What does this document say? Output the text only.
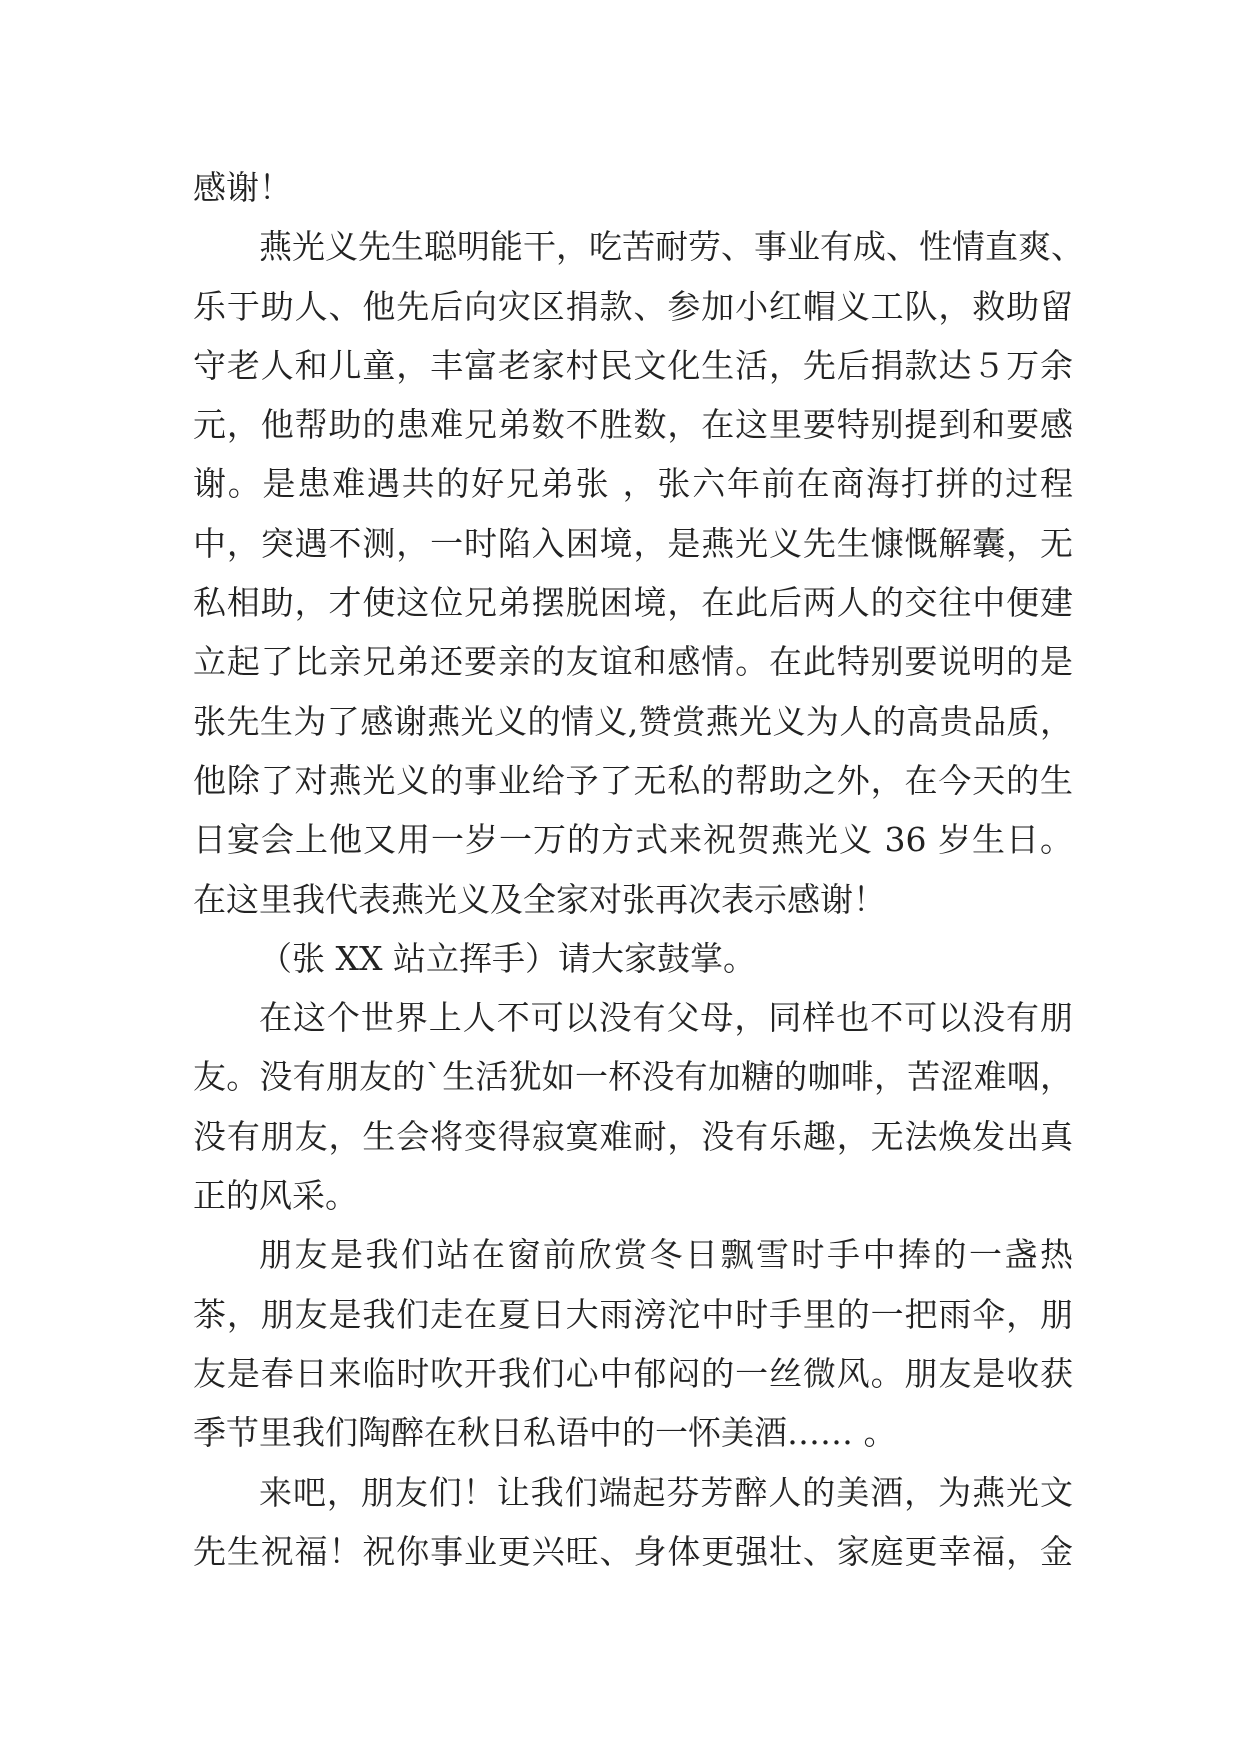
感谢！
燕光义先生聪明能干，吃苦耐劳、事业有成、性情直爽、
乐于助人、他先后向灾区捐款、参加小红帽义工队，救助留
守老人和儿童，丰富老家村民文化生活，先后捐款达５万余
元，他帮助的患难兄弟数不胜数，在这里要特别提到和要感
谢。是患难遇共的好兄弟张 ，张六年前在商海打拼的过程
中，突遇不测，一时陷入困境，是燕光义先生慷慨解囊，无
私相助，才使这位兄弟摆脱困境，在此后两人的交往中便建
立起了比亲兄弟还要亲的友谊和感情。在此特别要说明的是
张先生为了感谢燕光义的情义,赞赏燕光义为人的高贵品质，
他除了对燕光义的事业给予了无私的帮助之外，在今天的生
日宴会上他又用一岁一万的方式来祝贺燕光义 36 岁生日。
在这里我代表燕光义及全家对张再次表示感谢！
（张 XX 站立挥手）请大家鼓掌。
在这个世界上人不可以没有父母，同样也不可以没有朋
友。没有朋友的`生活犹如一杯没有加糖的咖啡，苦涩难咽，
没有朋友，生会将变得寂寞难耐，没有乐趣，无法焕发出真
正的风采。
朋友是我们站在窗前欣赏冬日飘雪时手中捧的一盏热
茶，朋友是我们走在夏日大雨滂沱中时手里的一把雨伞，朋
友是春日来临时吹开我们心中郁闷的一丝微风。朋友是收获
季节里我们陶醉在秋日私语中的一怀美酒…… 。
来吧，朋友们！让我们端起芬芳醉人的美酒，为燕光文
先生祝福！祝你事业更兴旺、身体更强壮、家庭更幸福，金
